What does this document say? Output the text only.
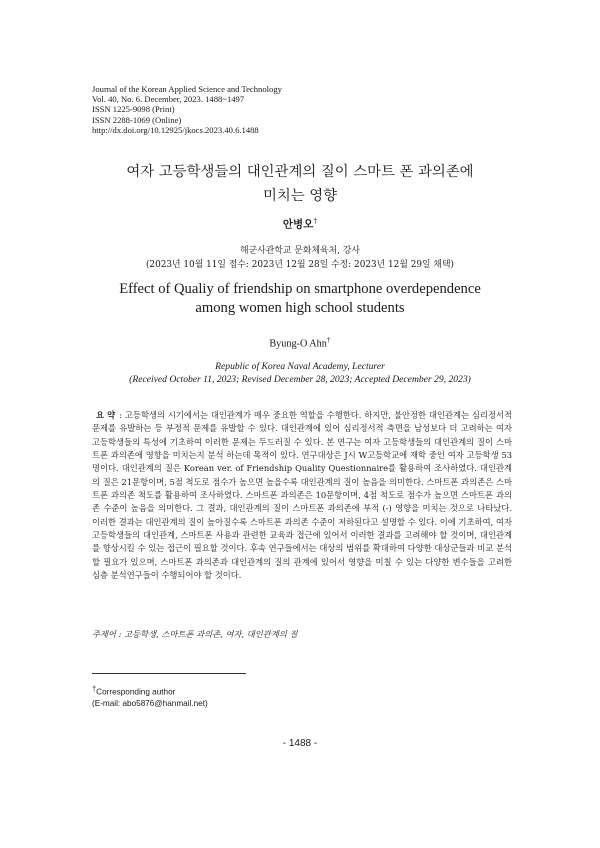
Journal of the Korean Applied Science and Technology
Vol. 40, No. 6. December, 2023. 1488~1497
ISSN 1225-9098 (Print)
ISSN 2288-1069 (Online)
http://dx.doi.org/10.12925/jkocs.2023.40.6.1488
여자 고등학생들의 대인관계의 질이 스마트 폰 과의존에
미치는 영향
안병오†
해군사관학교 문화체육처, 강사
(2023년 10월 11일 접수: 2023년 12월 28일 수정: 2023년 12월 29일 채택)
Effect of Qualiy of friendship on smartphone overdependence
among women high school students
Byung-O Ahn†
Republic of Korea Naval Academy, Lecturer
(Received October 11, 2023; Revised December 28, 2023; Accepted December 29, 2023)
요 약 : 고등학생의 시기에서는 대인관계가 매우 중요한 역할을 수행한다. 하지만, 불안정한 대인관계는 심리정서적 문제를 유발하는 등 부정적 문제를 유발할 수 있다. 대인관계에 있어 심리정서적 측면을 남성보다 더 고려하는 여자 고등학생들의 특성에 기초하여 이러한 문제는 두드러질 수 있다. 본 연구는 여자 고등학생들의 대인관계의 질이 스마트폰 과의존에 영향을 미치는지 분석 하는데 목적이 있다. 연구대상은 J시 W고등학교에 재학 중인 여자 고등학생 53명이다. 대인관계의 질은 Korean ver. of Friendship Quality Questionnaire를 활용하여 조사하였다. 대인관계의 질은 21문항이며, 5점 척도로 점수가 높으면 높을수록 대인관계의 질이 높음을 의미한다. 스마트폰 과의존은 스마트폰 과의존 척도를 활용하여 조사하였다. 스마트폰 과의존은 10문항이며, 4점 척도로 점수가 높으면 스마트폰 과의존 수준이 높음을 의미한다. 그 결과, 대인관계의 질이 스마트폰 과의존에 부적 (-) 영향을 미치는 것으로 나타났다. 이러한 결과는 대인관계의 질이 높아질수록 스마트폰 과의존 수준이 저하된다고 설명할 수 있다. 이에 기초하여, 여자 고등학생들의 대인관계, 스마트폰 사용과 관련한 교육과 접근에 있어서 이러한 결과를 고려해야 할 것이며, 대인관계를 향상시킬 수 있는 접근이 필요할 것이다. 후속 연구들에서는 대상의 범위를 확대하여 다양한 대상군들과 비교 분석할 필요가 있으며, 스마트폰 과의존과 대인관계의 질의 관계에 있어서 영향을 미칠 수 있는 다양한 변수들을 고려한 심층 분석연구들이 수행되어야 할 것이다.
주제어 : 고등학생, 스마트폰 과의존, 여자, 대인관계의 질
†Corresponding author
(E-mail: abo5876@hanmail.net)
- 1488 -
